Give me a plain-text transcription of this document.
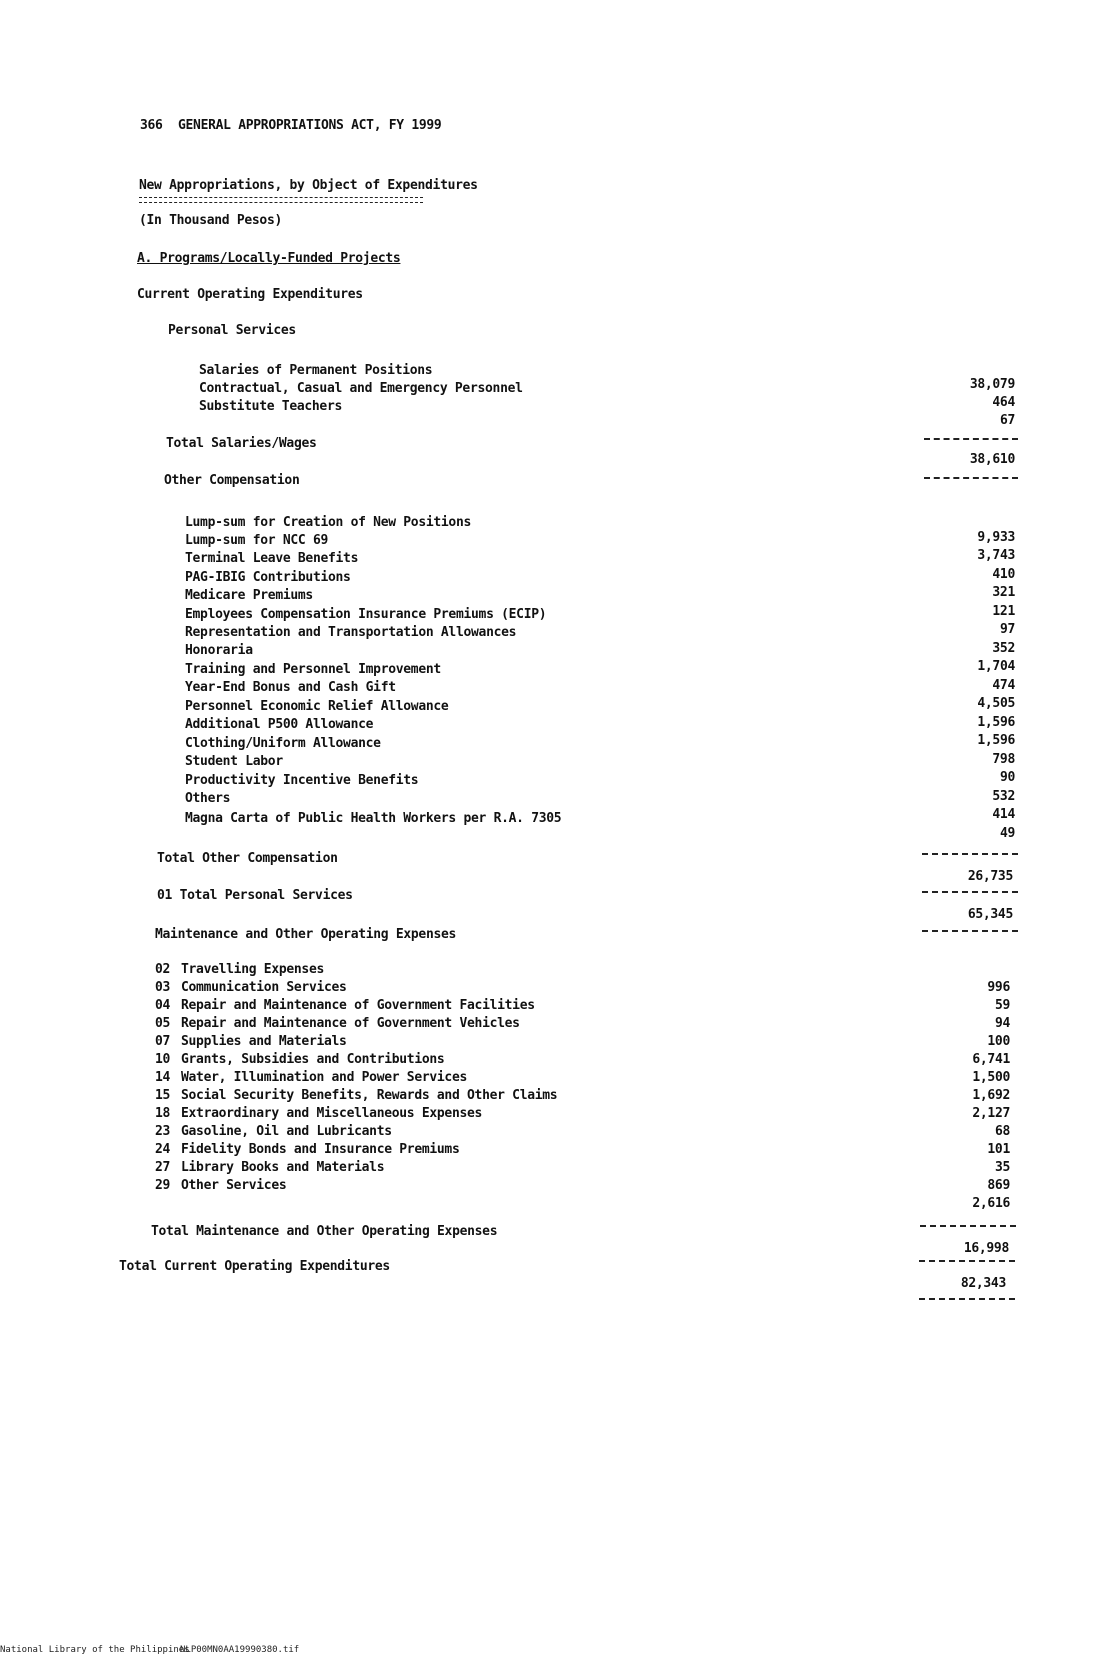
366 GENERAL APPROPRIATIONS ACT, FY 1999
New Appropriations, by Object of Expenditures
(In Thousand Pesos)
A. Programs/Locally-Funded Projects
Current Operating Expenditures
Personal Services
Salaries of Permanent Positions
Contractual, Casual and Emergency Personnel
Substitute Teachers
38,079
464
67
Total Salaries/Wages
38,610
Other Compensation
Lump-sum for Creation of New Positions
Lump-sum for NCC 69
Terminal Leave Benefits
PAG-IBIG Contributions
Medicare Premiums
Employees Compensation Insurance Premiums (ECIP)
Representation and Transportation Allowances
Honoraria
Training and Personnel Improvement
Year-End Bonus and Cash Gift
Personnel Economic Relief Allowance
Additional P500 Allowance
Clothing/Uniform Allowance
Student Labor
Productivity Incentive Benefits
Others
Magna Carta of Public Health Workers per R.A. 7305
9,933
3,743
410
321
121
97
352
1,704
474
4,505
1,596
1,596
798
90
532
414
49
Total Other Compensation
26,735
01 Total Personal Services
65,345
Maintenance and Other Operating Expenses
02
03
04
05
07
10
14
15
18
23
24
27
29
Travelling Expenses
Communication Services
Repair and Maintenance of Government Facilities
Repair and Maintenance of Government Vehicles
Supplies and Materials
Grants, Subsidies and Contributions
Water, Illumination and Power Services
Social Security Benefits, Rewards and Other Claims
Extraordinary and Miscellaneous Expenses
Gasoline, Oil and Lubricants
Fidelity Bonds and Insurance Premiums
Library Books and Materials
Other Services
996
59
94
100
6,741
1,500
1,692
2,127
68
101
35
869
2,616
Total Maintenance and Other Operating Expenses
16,998
Total Current Operating Expenditures
82,343
National Library of the Philippines
NLP00MN0AA19990380.tif
